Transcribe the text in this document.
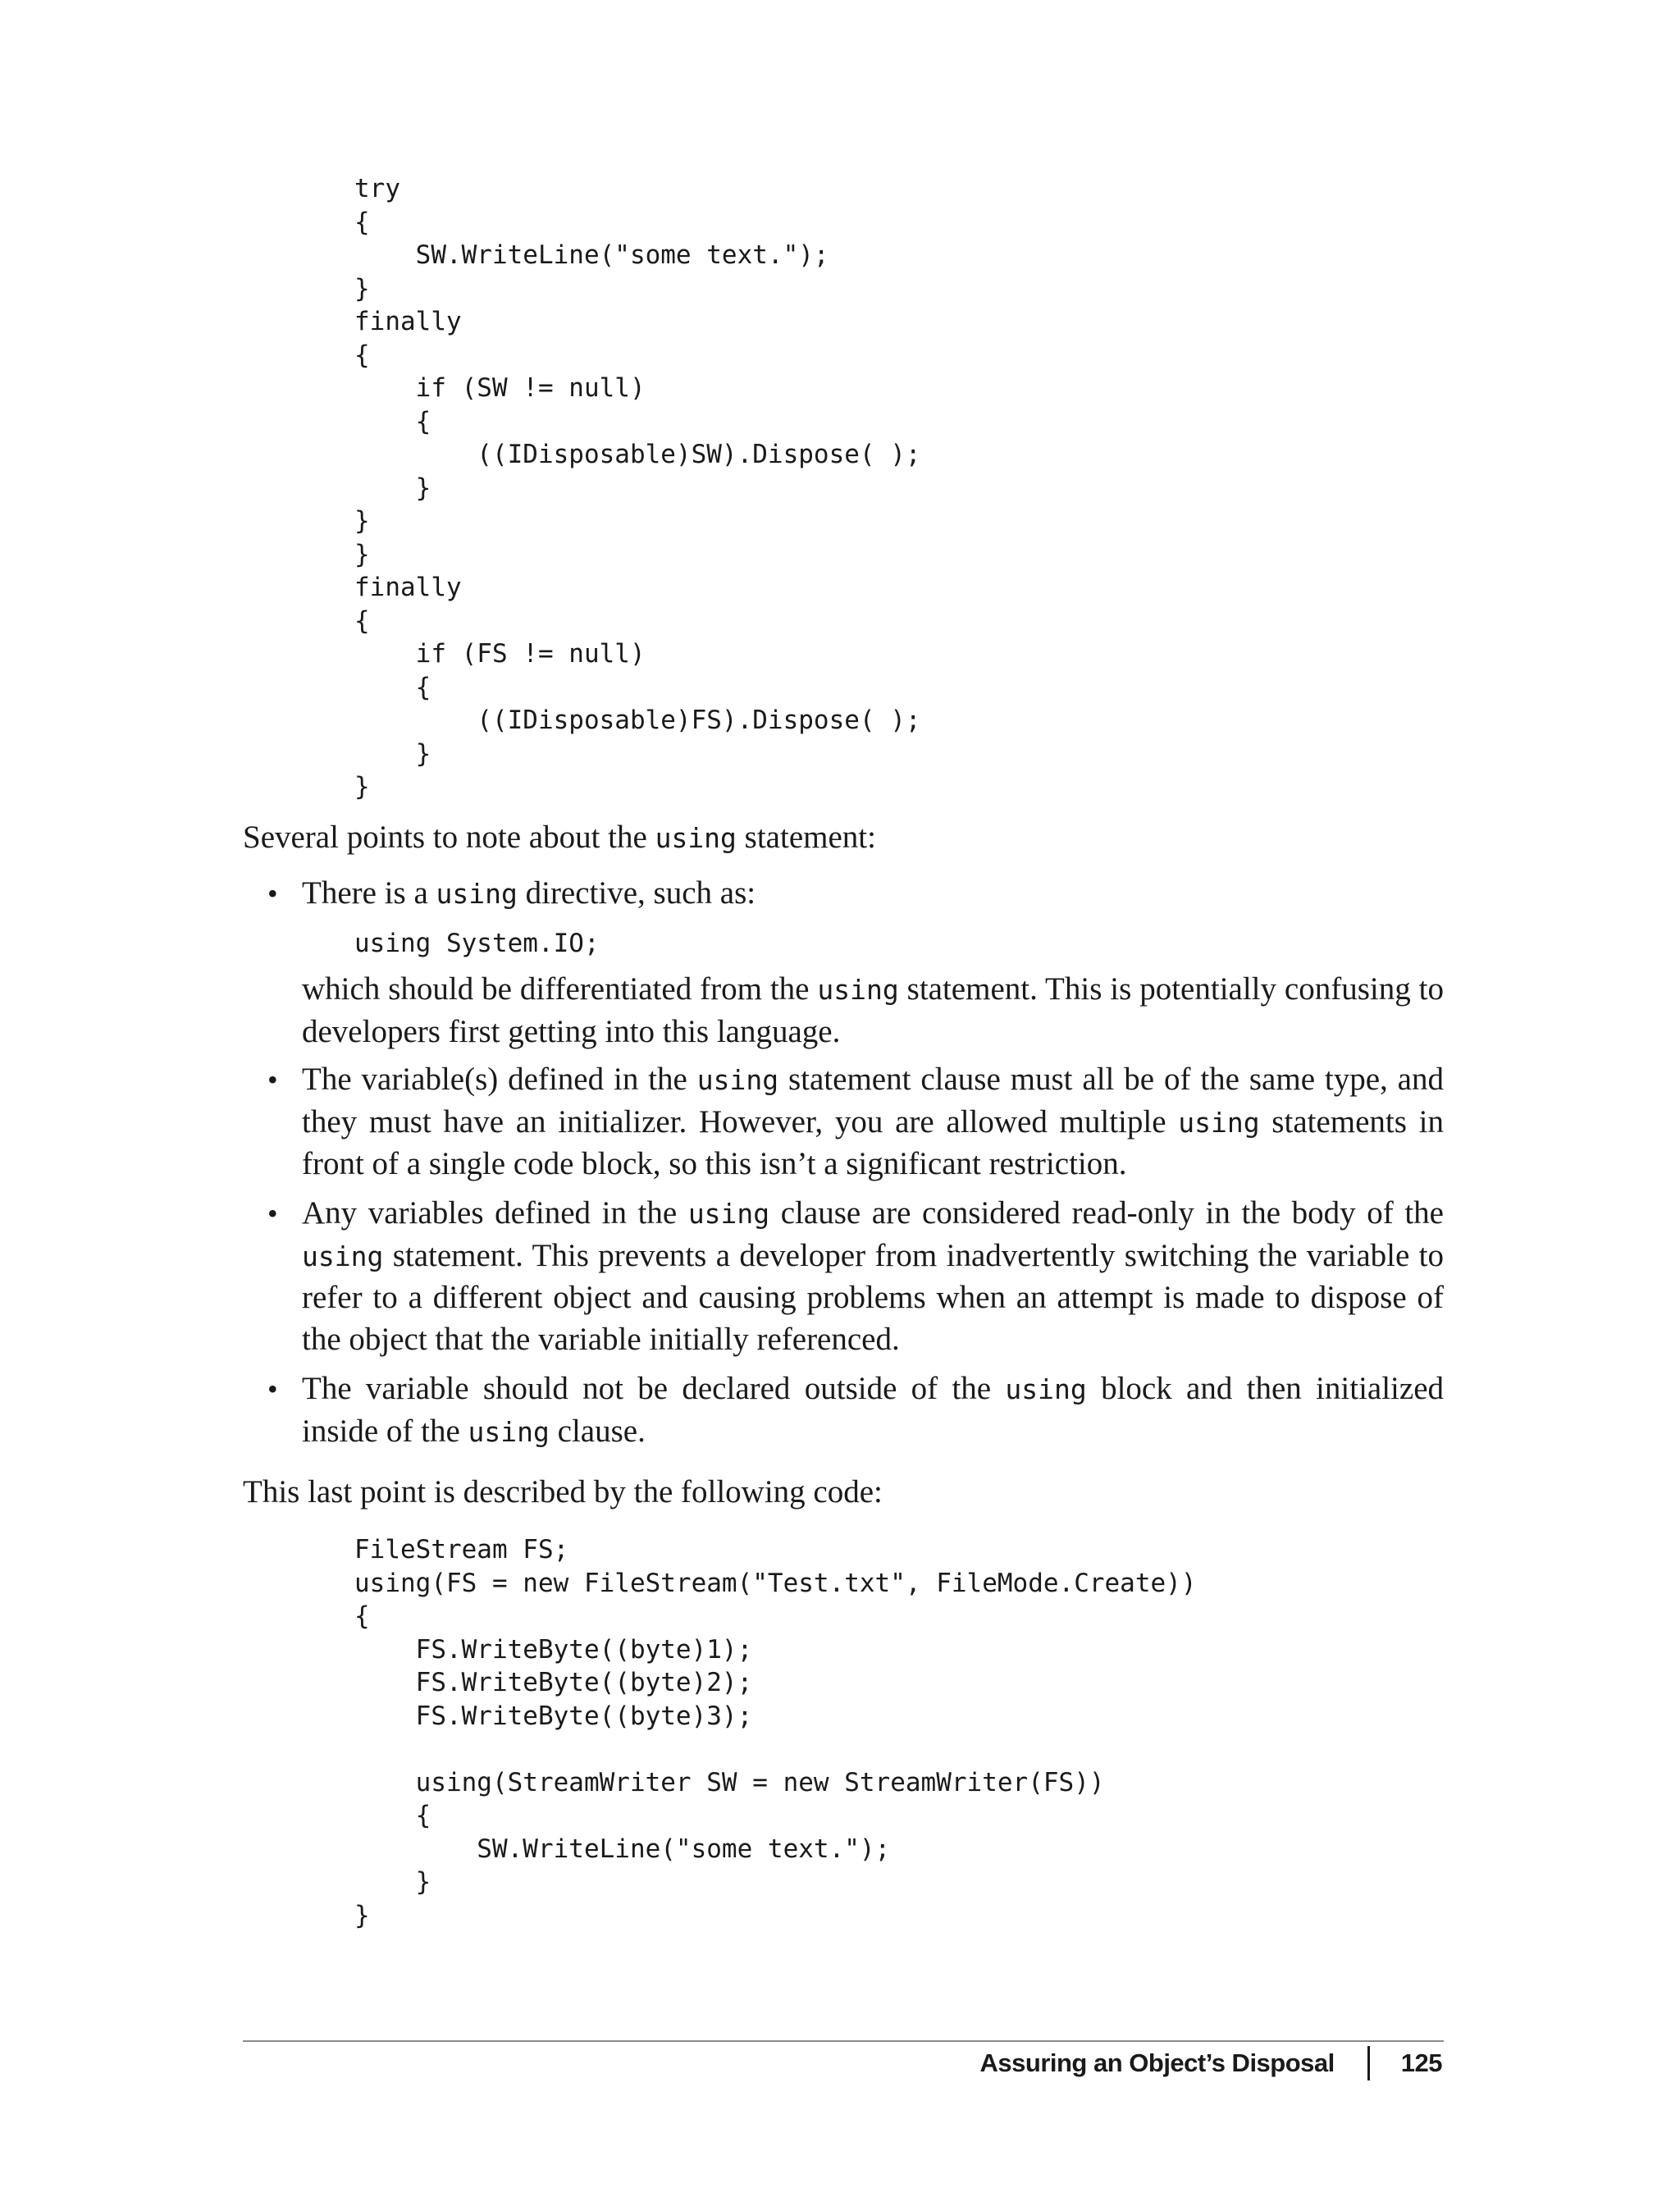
try
{
SW.WriteLine("some text.");
}
finally
{
if (SW != null)
{
((IDisposable)SW).Dispose( );
}
}
}
finally
{
if (FS != null)
{
((IDisposable)FS).Dispose( );
}
}
Several points to note about the using statement:
• There is a using directive, such as:
using System.IO;
which should be differentiated from the using statement. This is potentially confusing to developers first getting into this language.
• The variable(s) defined in the using statement clause must all be of the same type, and they must have an initializer. However, you are allowed multiple using statements in front of a single code block, so this isn’t a significant restriction.
• Any variables defined in the using clause are considered read-only in the body of the using statement. This prevents a developer from inadvertently switching the variable to refer to a different object and causing problems when an attempt is made to dispose of the object that the variable initially referenced.
• The variable should not be declared outside of the using block and then initialized inside of the using clause.
This last point is described by the following code:
FileStream FS;
using(FS = new FileStream("Test.txt", FileMode.Create))
{
FS.WriteByte((byte)1);
FS.WriteByte((byte)2);
FS.WriteByte((byte)3);

using(StreamWriter SW = new StreamWriter(FS))
{
SW.WriteLine("some text.");
}
}
Assuring an Object’s Disposal	125
